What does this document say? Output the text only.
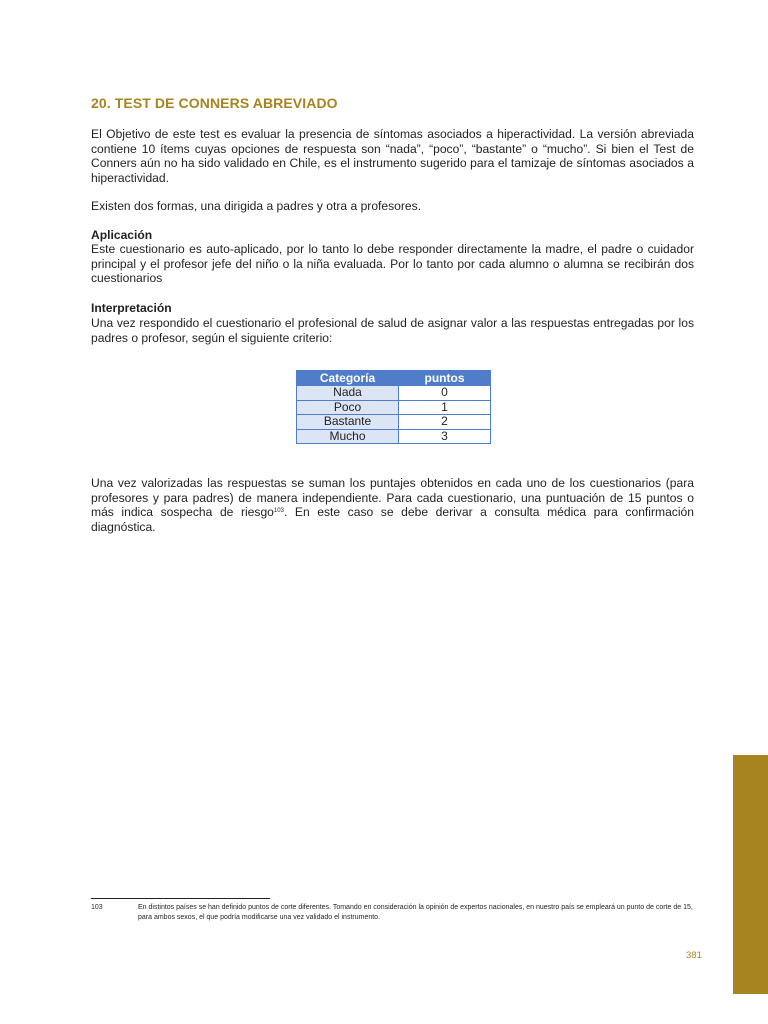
20. TEST DE CONNERS ABREVIADO

El Objetivo de este test es evaluar la presencia de síntomas asociados a hiperactividad. La versión abreviada contiene 10 ítems cuyas opciones de respuesta son “nada”, “poco”, “bastante” o “mucho”. Si bien el Test de Conners aún no ha sido validado en Chile, es el instrumento sugerido para el tamizaje de síntomas asociados a hiperactividad.

Existen dos formas, una dirigida a padres y otra a profesores.

Aplicación

Este cuestionario es auto-aplicado, por lo tanto lo debe responder directamente la madre, el padre o cuidador principal y el profesor jefe del niño o la niña evaluada. Por lo tanto por cada alumno o alumna se recibirán dos cuestionarios

Interpretación

Una vez respondido el cuestionario el profesional de salud de asignar valor a las respuestas entregadas por los padres o profesor, según el siguiente criterio:

Categoría	puntos
Nada	0
Poco	1
Bastante	2
Mucho	3

Una vez valorizadas las respuestas se suman los puntajes obtenidos en cada uno de los cuestionarios (para profesores y para padres) de manera independiente. Para cada cuestionario, una puntuación de 15 puntos o más indica sospecha de riesgo$^{103}$. En este caso se debe derivar a consulta médica para confirmación diagnóstica.

103	En distintos países se han definido puntos de corte diferentes. Tomando en consideración la opinión de expertos nacionales, en nuestro país se empleará un punto de corte de 15, para ambos sexos, el que podría modificarse una vez validado el instrumento.
381
